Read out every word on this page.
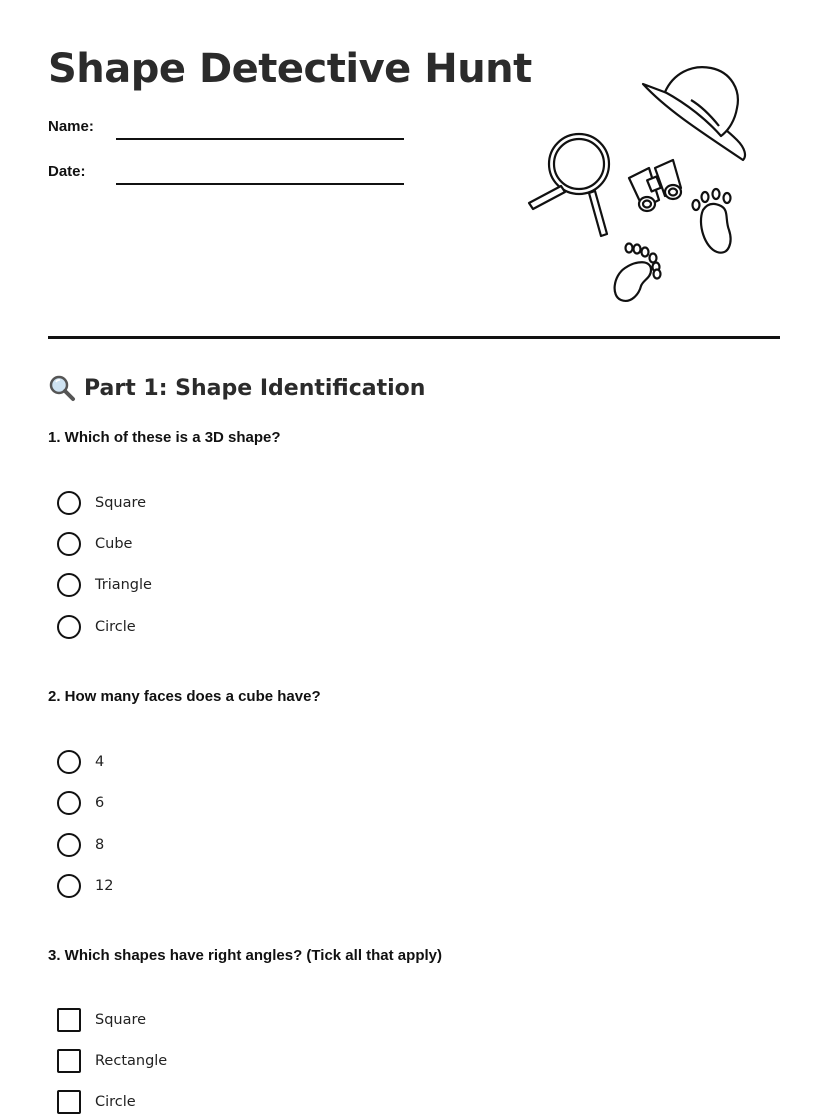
Shape Detective Hunt
Name:
Date:
Part 1: Shape Identification
1. Which of these is a 3D shape?
Square
Cube
Triangle
Circle
2. How many faces does a cube have?
4
6
8
12
3. Which shapes have right angles? (Tick all that apply)
Square
Rectangle
Circle
